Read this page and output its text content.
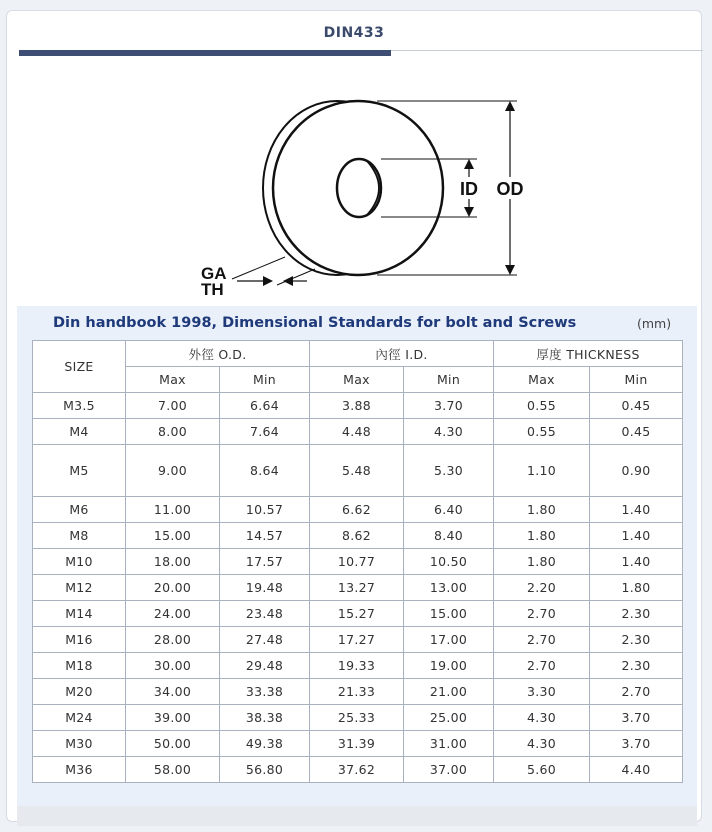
DIN433
ID OD
GA
TH
Din handbook 1998, Dimensional Standards for bolt and Screws	(mm)
SIZE	外徑 O.D.		內徑 I.D.		厚度 THICKNESS	
	Max	Min	Max	Min	Max	Min
M3.5	7.00	6.64	3.88	3.70	0.55	0.45
M4	8.00	7.64	4.48	4.30	0.55	0.45
M5	9.00	8.64	5.48	5.30	1.10	0.90
M6	11.00	10.57	6.62	6.40	1.80	1.40
M8	15.00	14.57	8.62	8.40	1.80	1.40
M10	18.00	17.57	10.77	10.50	1.80	1.40
M12	20.00	19.48	13.27	13.00	2.20	1.80
M14	24.00	23.48	15.27	15.00	2.70	2.30
M16	28.00	27.48	17.27	17.00	2.70	2.30
M18	30.00	29.48	19.33	19.00	2.70	2.30
M20	34.00	33.38	21.33	21.00	3.30	2.70
M24	39.00	38.38	25.33	25.00	4.30	3.70
M30	50.00	49.38	31.39	31.00	4.30	3.70
M36	58.00	56.80	37.62	37.00	5.60	4.40
